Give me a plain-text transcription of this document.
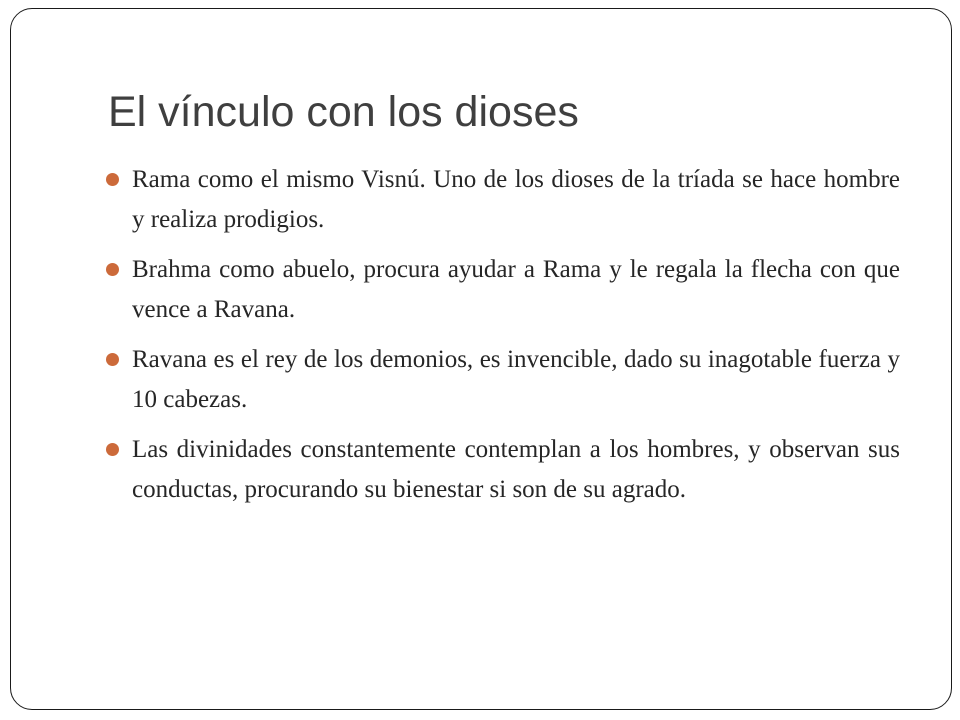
El vínculo con los dioses
Rama como el mismo Visnú. Uno de los dioses de la tríada se hace hombre y realiza prodigios.
Brahma como abuelo, procura ayudar a Rama y le regala la flecha con que vence a Ravana.
Ravana es el rey de los demonios, es invencible, dado su inagotable fuerza y 10 cabezas.
Las divinidades constantemente contemplan a los hombres, y observan sus conductas, procurando su bienestar si son de su agrado.
